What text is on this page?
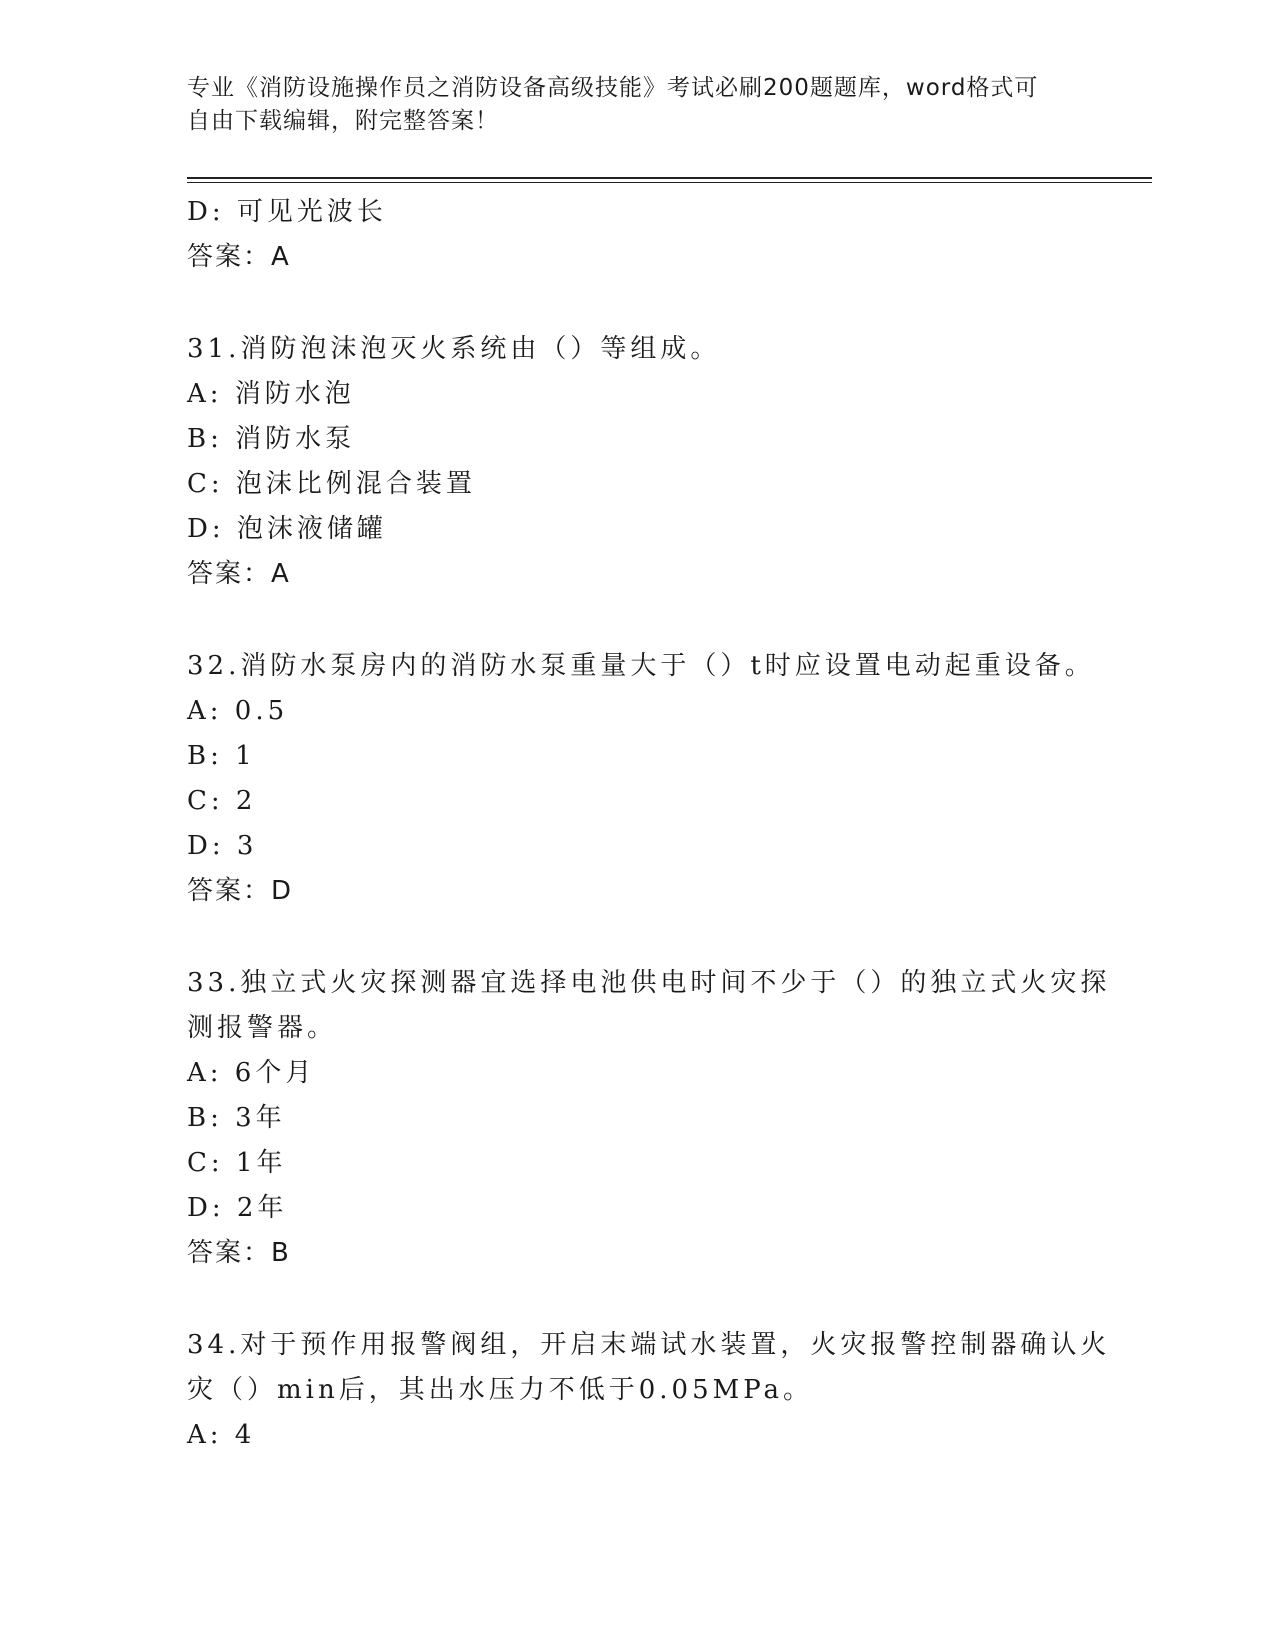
专业《消防设施操作员之消防设备高级技能》考试必刷200题题库，word格式可
自由下载编辑，附完整答案！
D: 可见光波长
答案：A
31.消防泡沫泡灭火系统由（）等组成。
A: 消防水泡
B: 消防水泵
C: 泡沫比例混合装置
D: 泡沫液储罐
答案：A
32.消防水泵房内的消防水泵重量大于（）t时应设置电动起重设备。
A: 0.5
B: 1
C: 2
D: 3
答案：D
33.独立式火灾探测器宜选择电池供电时间不少于（）的独立式火灾探
测报警器。
A: 6个月
B: 3年
C: 1年
D: 2年
答案：B
34.对于预作用报警阀组，开启末端试水装置，火灾报警控制器确认火
灾（）min后，其出水压力不低于0.05MPa。
A: 4
